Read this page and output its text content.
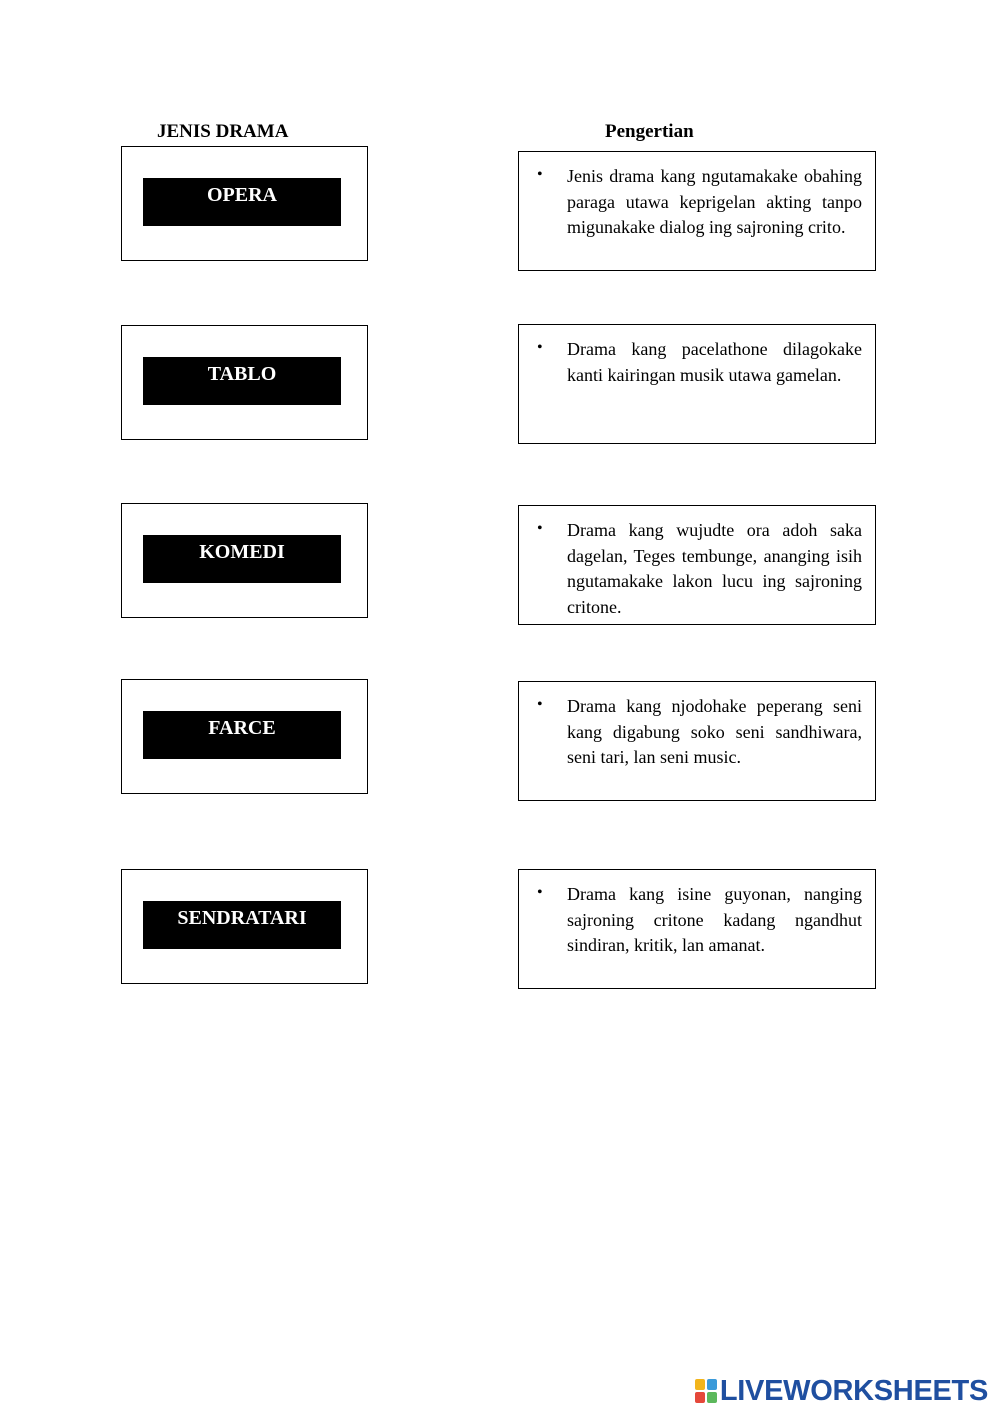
JENIS DRAMA	Pengertian
OPERA
TABLO
KOMEDI
FARCE
SENDRATARI
• Jenis drama kang ngutamakake obahing paraga utawa keprigelan akting tanpo migunakake dialog ing sajroning crito.
• Drama kang pacelathone dilagokake kanti kairingan musik utawa gamelan.
• Drama kang wujudte ora adoh saka dagelan, Teges tembunge, ananging isih ngutamakake lakon lucu ing sajroning critone.
• Drama kang njodohake peperang seni kang digabung soko seni sandhiwara, seni tari, lan seni music.
• Drama kang isine guyonan, nanging sajroning critone kadang ngandhut sindiran, kritik, lan amanat.
LIVEWORKSHEETS
